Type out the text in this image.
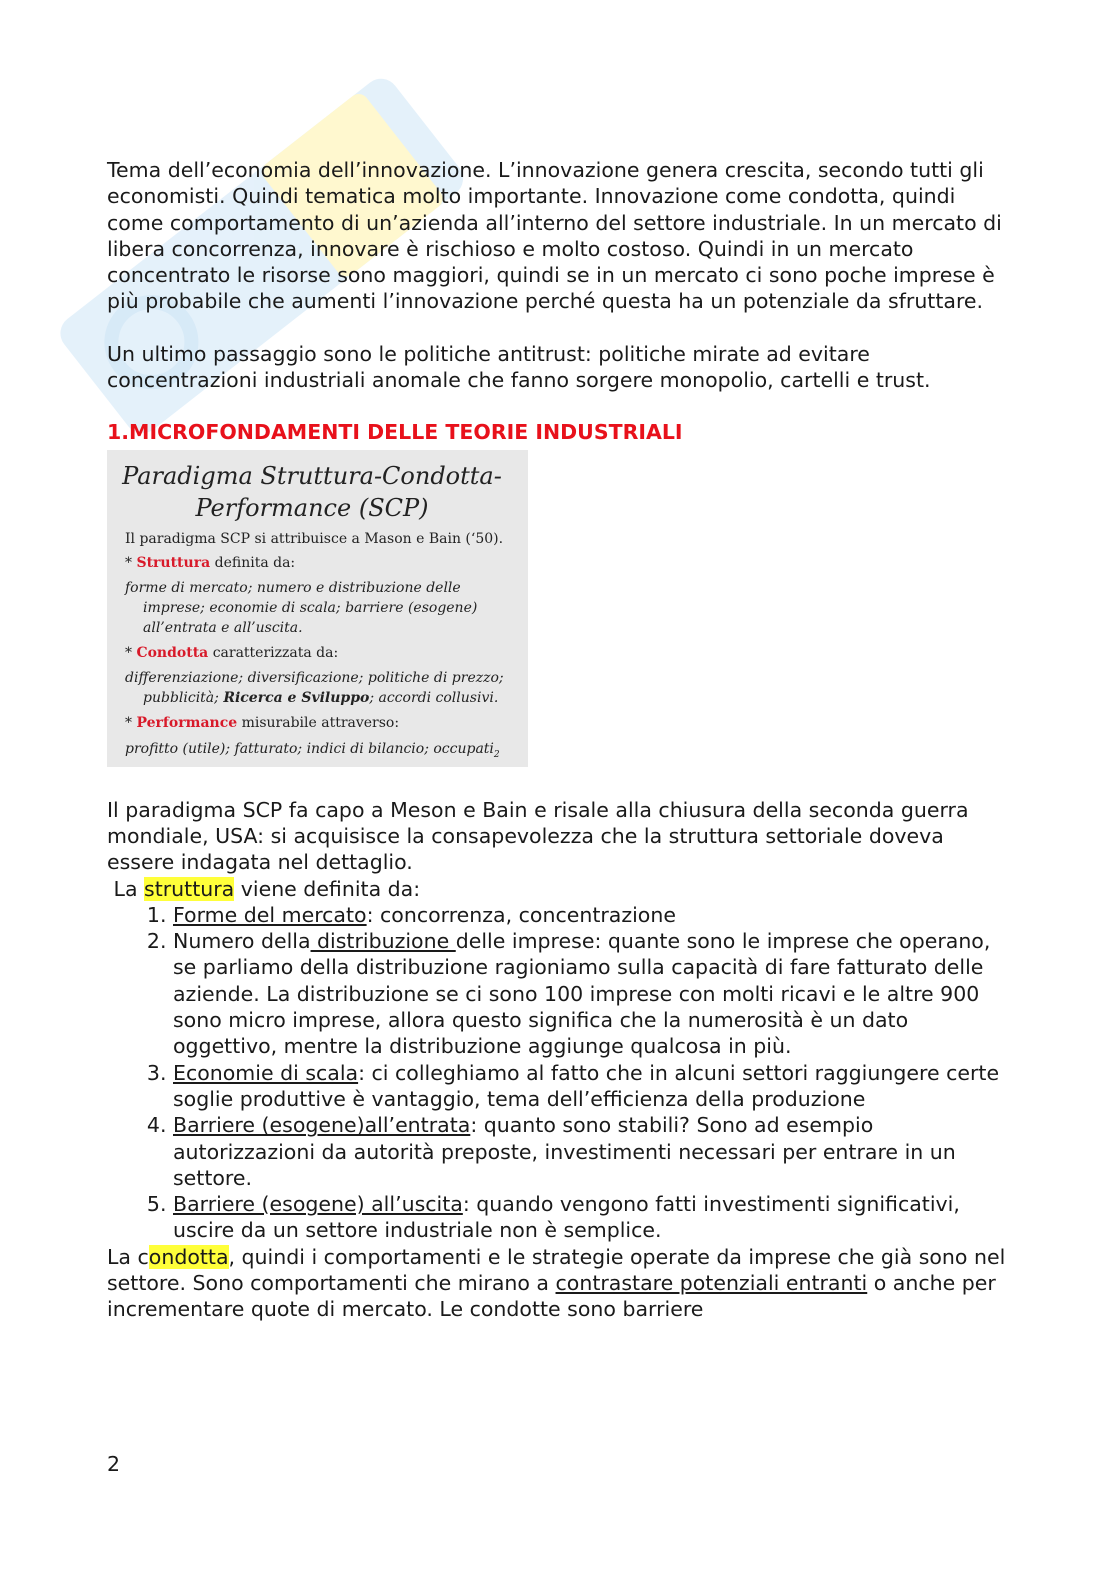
Tema dell’economia dell’innovazione. L’innovazione genera crescita, secondo tutti gli economisti. Quindi tematica molto importante. Innovazione come condotta, quindi come comportamento di un’azienda all’interno del settore industriale. In un mercato di libera concorrenza, innovare è rischioso e molto costoso. Quindi in un mercato concentrato le risorse sono maggiori, quindi se in un mercato ci sono poche imprese è più probabile che aumenti l’innovazione perché questa ha un potenziale da sfruttare.

Un ultimo passaggio sono le politiche antitrust: politiche mirate ad evitare concentrazioni industriali anomale che fanno sorgere monopolio, cartelli e trust.

1.MICROFONDAMENTI DELLE TEORIE INDUSTRIALI
Paradigma Struttura-Condotta-
Performance (SCP)
Il paradigma SCP si attribuisce a Mason e Bain (‘50).
* Struttura definita da:
forme di mercato; numero e distribuzione delle
imprese; economie di scala; barriere (esogene)
all’entrata e all’uscita.
* Condotta caratterizzata da:
differenziazione; diversificazione; politiche di prezzo;
pubblicità; Ricerca e Sviluppo; accordi collusivi.
* Performance misurabile attraverso:
profitto (utile); fatturato; indici di bilancio; occupati$_2$

Il paradigma SCP fa capo a Meson e Bain e risale alla chiusura della seconda guerra mondiale, USA: si acquisisce la consapevolezza che la struttura settoriale doveva essere indagata nel dettaglio.

La struttura viene definita da:

1. Forme del mercato: concorrenza, concentrazione
2. Numero della distribuzione delle imprese: quante sono le imprese che operano, se parliamo della distribuzione ragioniamo sulla capacità di fare fatturato delle aziende. La distribuzione se ci sono 100 imprese con molti ricavi e le altre 900 sono micro imprese, allora questo significa che la numerosità è un dato oggettivo, mentre la distribuzione aggiunge qualcosa in più.
3. Economie di scala: ci colleghiamo al fatto che in alcuni settori raggiungere certe soglie produttive è vantaggio, tema dell’efficienza della produzione
4. Barriere (esogene)all’entrata: quanto sono stabili? Sono ad esempio autorizzazioni da autorità preposte, investimenti necessari per entrare in un settore.
5. Barriere (esogene) all’uscita: quando vengono fatti investimenti significativi, uscire da un settore industriale non è semplice.

La condotta, quindi i comportamenti e le strategie operate da imprese che già sono nel settore. Sono comportamenti che mirano a contrastare potenziali entranti o anche per incrementare quote di mercato. Le condotte sono barriere

2
